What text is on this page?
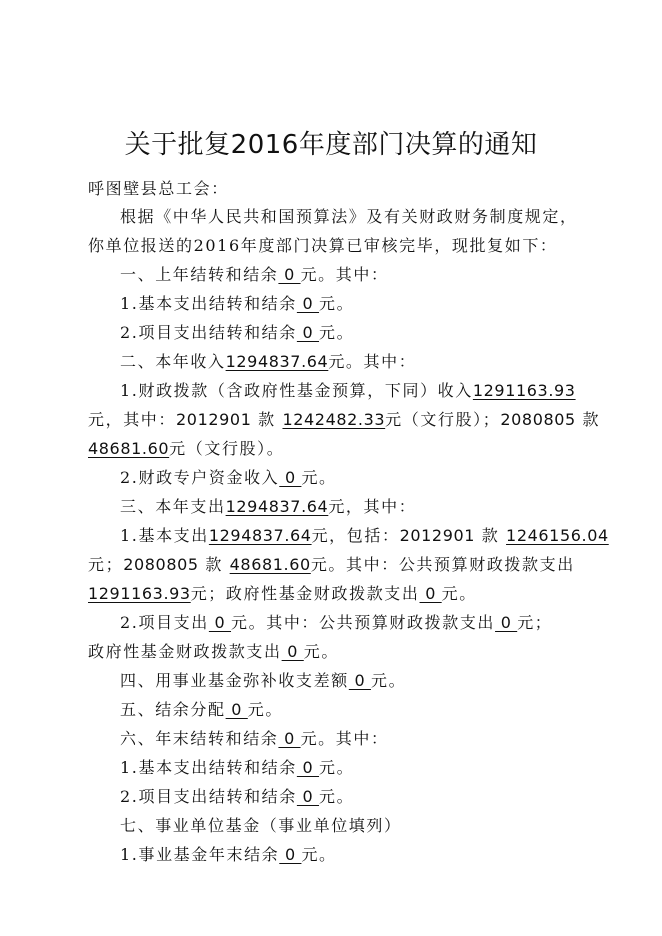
关于批复2016年度部门决算的通知
呼图壁县总工会：
根据《中华人民共和国预算法》及有关财政财务制度规定，
你单位报送的2016年度部门决算已审核完毕，现批复如下：
一、上年结转和结余 0 元。其中：
1.基本支出结转和结余 0 元。
2.项目支出结转和结余 0 元。
二、本年收入1294837.64元。其中：
1.财政拨款（含政府性基金预算，下同）收入1291163.93
元，其中：2012901 款 1242482.33元（文行股）；2080805 款
48681.60元（文行股）。
2.财政专户资金收入 0 元。
三、本年支出1294837.64元，其中：
1.基本支出1294837.64元，包括：2012901 款 1246156.04
元；2080805 款 48681.60元。其中：公共预算财政拨款支出
1291163.93元；政府性基金财政拨款支出 0 元。
2.项目支出 0 元。其中：公共预算财政拨款支出 0 元；
政府性基金财政拨款支出 0 元。
四、用事业基金弥补收支差额 0 元。
五、结余分配 0 元。
六、年末结转和结余 0 元。其中：
1.基本支出结转和结余 0 元。
2.项目支出结转和结余 0 元。
七、事业单位基金（事业单位填列）
1.事业基金年末结余 0 元。
